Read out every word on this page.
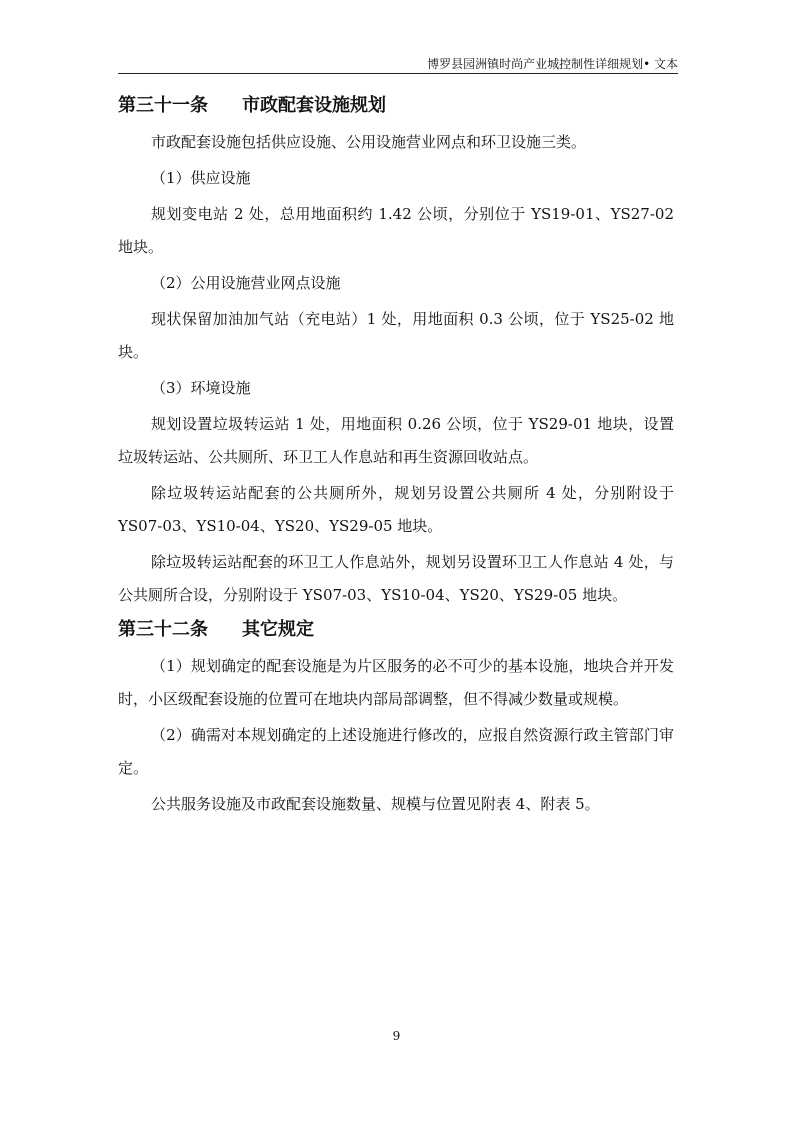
博罗县园洲镇时尚产业城控制性详细规划• 文本
第三十一条 市政配套设施规划

市政配套设施包括供应设施、公用设施营业网点和环卫设施三类。

（1）供应设施

规划变电站 2 处，总用地面积约 1.42 公顷，分别位于 YS19-01、YS27-02 地块。

（2）公用设施营业网点设施

现状保留加油加气站（充电站）1 处，用地面积 0.3 公顷，位于 YS25-02 地块。

（3）环境设施

规划设置垃圾转运站 1 处，用地面积 0.26 公顷，位于 YS29-01 地块，设置垃圾转运站、公共厕所、环卫工人作息站和再生资源回收站点。

除垃圾转运站配套的公共厕所外，规划另设置公共厕所 4 处，分别附设于 YS07-03、YS10-04、YS20、YS29-05 地块。

除垃圾转运站配套的环卫工人作息站外，规划另设置环卫工人作息站 4 处，与公共厕所合设，分别附设于 YS07-03、YS10-04、YS20、YS29-05 地块。

第三十二条 其它规定

（1）规划确定的配套设施是为片区服务的必不可少的基本设施，地块合并开发时，小区级配套设施的位置可在地块内部局部调整，但不得减少数量或规模。

（2）确需对本规划确定的上述设施进行修改的，应报自然资源行政主管部门审定。

公共服务设施及市政配套设施数量、规模与位置见附表 4、附表 5。

9
